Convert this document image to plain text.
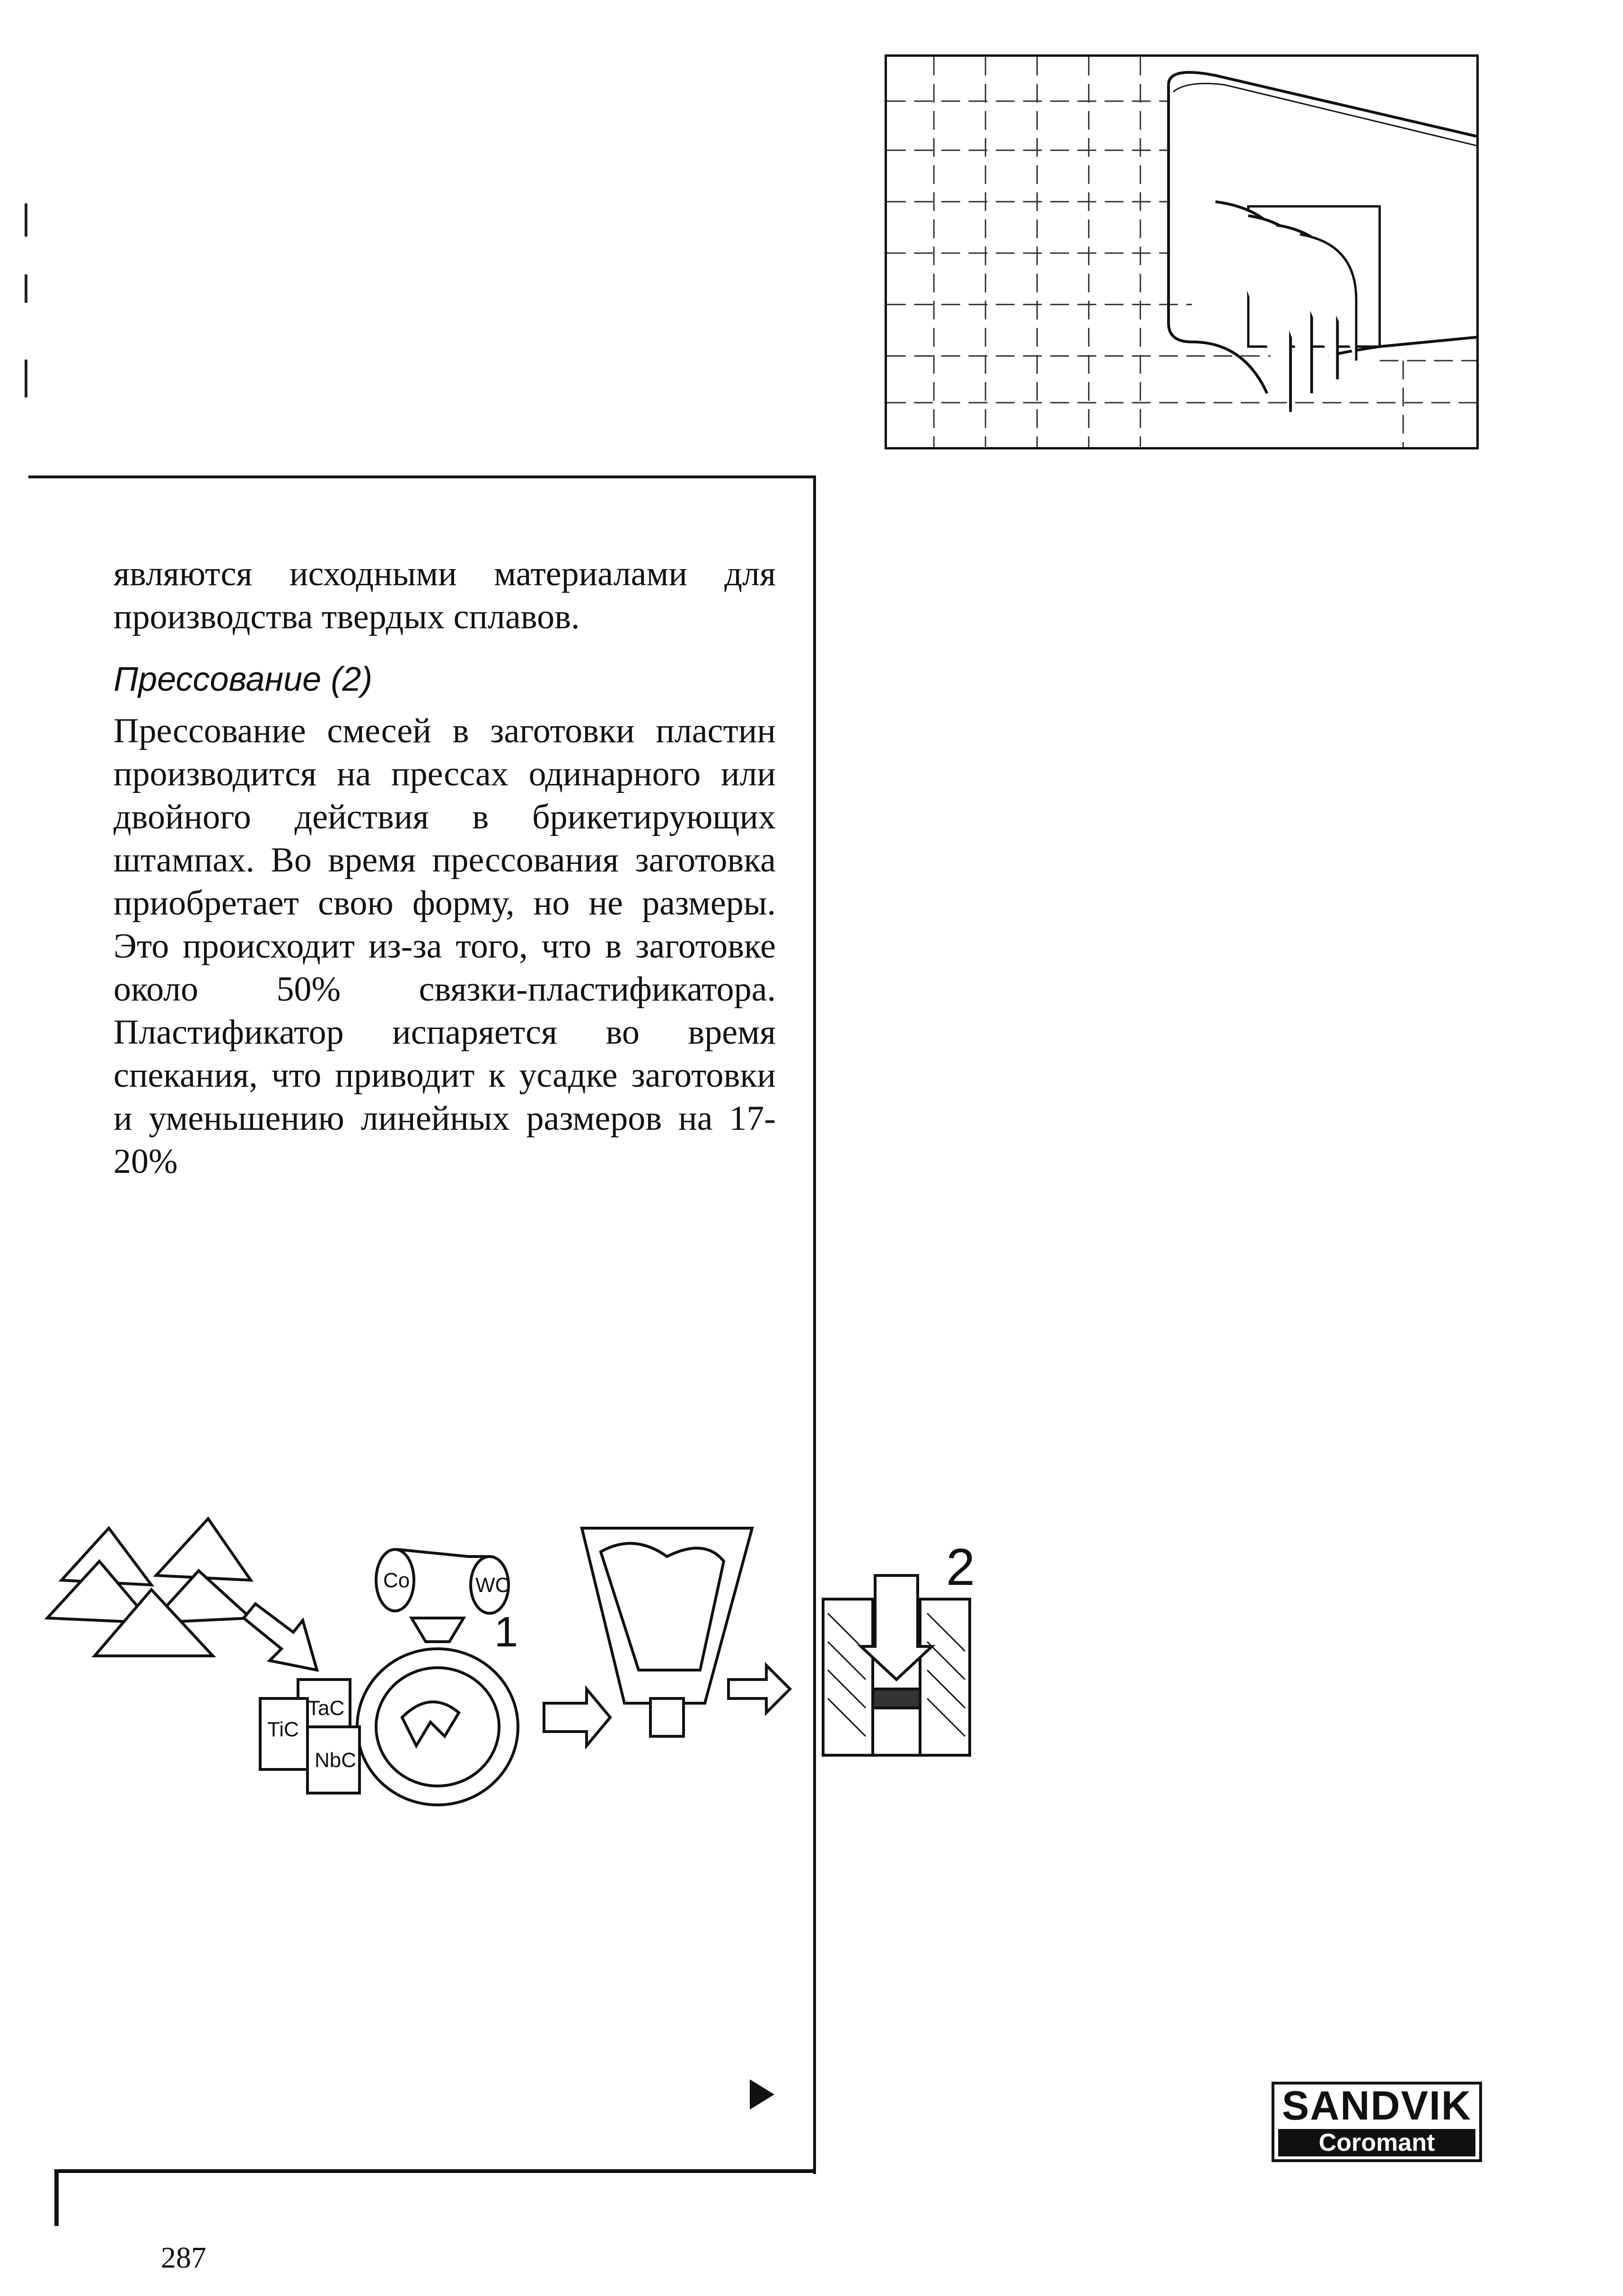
являются исходными материалами для производства твердых сплавов.

Прессование (2)

Прессование смесей в заготовки пластин производится на прессах одинарного или двойного действия в брикетирующих штампах. Во время прессования заготовка приобретает свою форму, но не размеры. Это происходит из-за того, что в заготовке около 50% связки-пластификатора. Пластификатор испаряется во время спекания, что приводит к усадке заготовки и уменьшению линейных размеров на 17-20%

Co	WC
TaC
TiC
NbC
1
2
SANDVIK
Coromant
287
